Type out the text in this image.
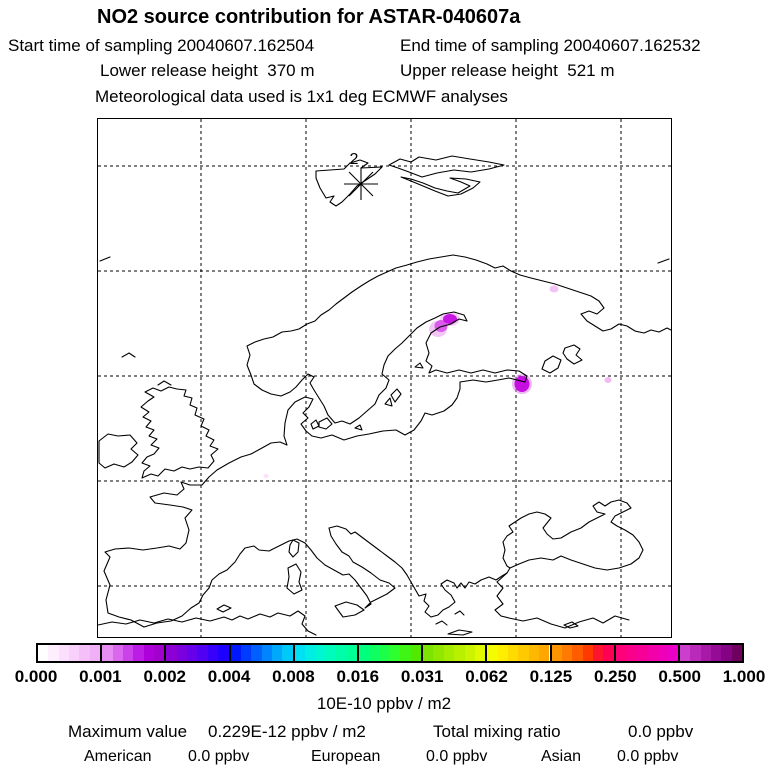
NO2 source contribution for ASTAR-040607a
Start time of sampling 20040607.162504	End time of sampling 20040607.162532
Lower release height  370 m	Upper release height  521 m
Meteorological data used is 1x1 deg ECMWF analyses
2
0.000 0.001 0.002 0.004 0.008 0.016 0.031 0.062 0.125 0.250 0.500 1.000
10E-10 ppbv / m2
Maximum value 0.229E-12 ppbv / m2	Total mixing ratio	0.0 ppbv
American 0.0 ppbv	European	0.0 ppbv	Asian 0.0 ppbv
